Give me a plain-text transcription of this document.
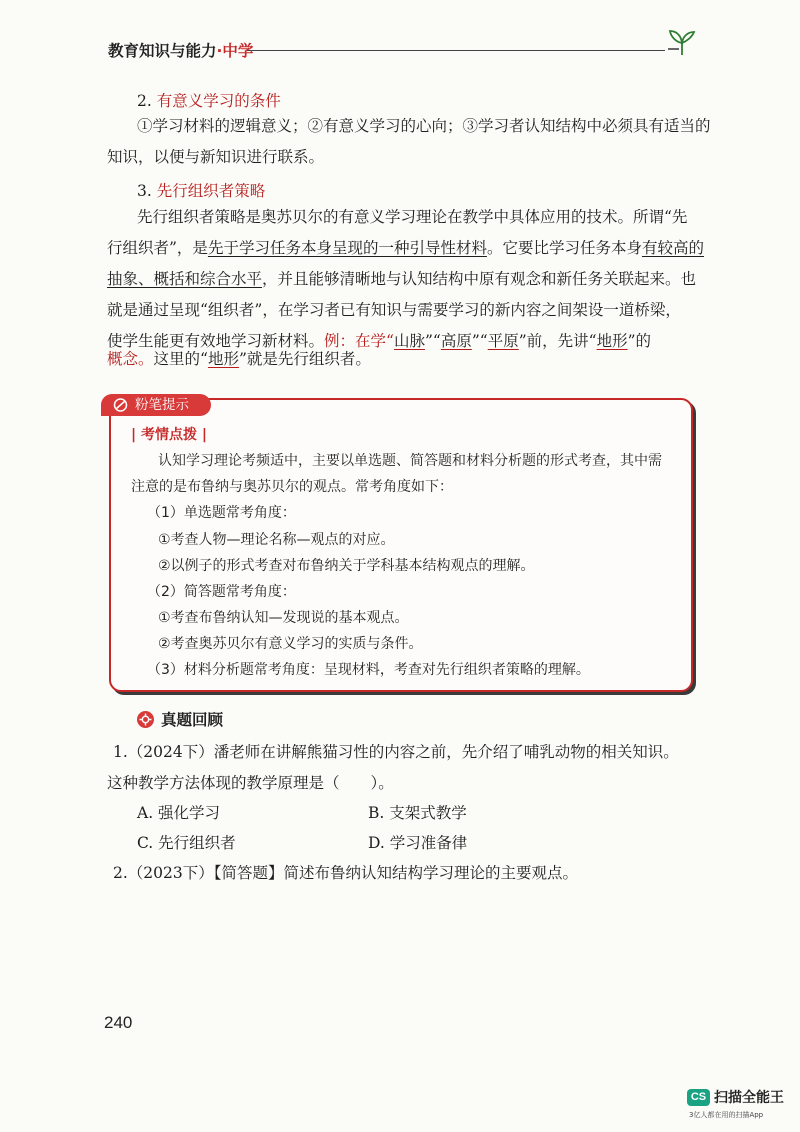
教育知识与能力·中学
2. 有意义学习的条件
①学习材料的逻辑意义；②有意义学习的心向；③学习者认知结构中必须具有适当的
知识，以便与新知识进行联系。
3. 先行组织者策略
先行组织者策略是奥苏贝尔的有意义学习理论在教学中具体应用的技术。所谓“先
行组织者”，是先于学习任务本身呈现的一种引导性材料。它要比学习任务本身有较高的
抽象、概括和综合水平，并且能够清晰地与认知结构中原有观念和新任务关联起来。也
就是通过呈现“组织者”，在学习者已有知识与需要学习的新内容之间架设一道桥梁，
使学生能更有效地学习新材料。例：在学“山脉”“高原”“平原”前，先讲“地形”的
概念。这里的“地形”就是先行组织者。
粉笔提示
| 考情点拨 |
认知学习理论考频适中，主要以单选题、简答题和材料分析题的形式考查，其中需
注意的是布鲁纳与奥苏贝尔的观点。常考角度如下：
（1）单选题常考角度：
①考查人物—理论名称—观点的对应。
②以例子的形式考查对布鲁纳关于学科基本结构观点的理解。
（2）简答题常考角度：
①考查布鲁纳认知—发现说的基本观点。
②考查奥苏贝尔有意义学习的实质与条件。
（3）材料分析题常考角度：呈现材料，考查对先行组织者策略的理解。
真题回顾
1.（2024下）潘老师在讲解熊猫习性的内容之前，先介绍了哺乳动物的相关知识。
这种教学方法体现的教学原理是（　　）。
A. 强化学习	B. 支架式教学
C. 先行组织者	D. 学习准备律
2.（2023下）【简答题】简述布鲁纳认知结构学习理论的主要观点。
240
CS 扫描全能王
3亿人都在用的扫描App
